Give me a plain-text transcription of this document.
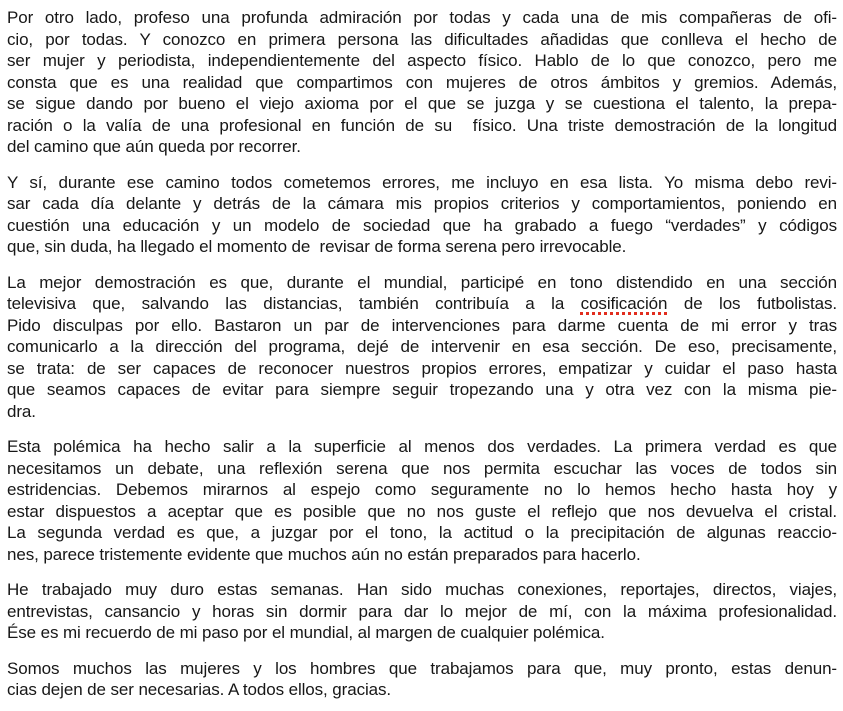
Por otro lado, profeso una profunda admiración por todas y cada una de mis compañeras de ofi-
cio, por todas. Y conozco en primera persona las dificultades añadidas que conlleva el hecho de
ser mujer y periodista, independientemente del aspecto físico. Hablo de lo que conozco, pero me
consta que es una realidad que compartimos con mujeres de otros ámbitos y gremios. Además,
se sigue dando por bueno el viejo axioma por el que se juzga y se cuestiona el talento, la prepa-
ración o la valía de una profesional en función de su  físico. Una triste demostración de la longitud
del camino que aún queda por recorrer.
Y sí, durante ese camino todos cometemos errores, me incluyo en esa lista. Yo misma debo revi-
sar cada día delante y detrás de la cámara mis propios criterios y comportamientos, poniendo en
cuestión una educación y un modelo de sociedad que ha grabado a fuego “verdades” y códigos
que, sin duda, ha llegado el momento de  revisar de forma serena pero irrevocable.
La mejor demostración es que, durante el mundial, participé en tono distendido en una sección
televisiva que, salvando las distancias, también contribuía a la cosificación de los futbolistas.
Pido disculpas por ello. Bastaron un par de intervenciones para darme cuenta de mi error y tras
comunicarlo a la dirección del programa, dejé de intervenir en esa sección. De eso, precisamente,
se trata: de ser capaces de reconocer nuestros propios errores, empatizar y cuidar el paso hasta
que seamos capaces de evitar para siempre seguir tropezando una y otra vez con la misma pie-
dra.
Esta polémica ha hecho salir a la superficie al menos dos verdades. La primera verdad es que
necesitamos un debate, una reflexión serena que nos permita escuchar las voces de todos sin
estridencias. Debemos mirarnos al espejo como seguramente no lo hemos hecho hasta hoy y
estar dispuestos a aceptar que es posible que no nos guste el reflejo que nos devuelva el cristal.
La segunda verdad es que, a juzgar por el tono, la actitud o la precipitación de algunas reaccio-
nes, parece tristemente evidente que muchos aún no están preparados para hacerlo.
He trabajado muy duro estas semanas. Han sido muchas conexiones, reportajes, directos, viajes,
entrevistas, cansancio y horas sin dormir para dar lo mejor de mí, con la máxima profesionalidad.
Ése es mi recuerdo de mi paso por el mundial, al margen de cualquier polémica.
Somos muchos las mujeres y los hombres que trabajamos para que, muy pronto, estas denun-
cias dejen de ser necesarias. A todos ellos, gracias.
